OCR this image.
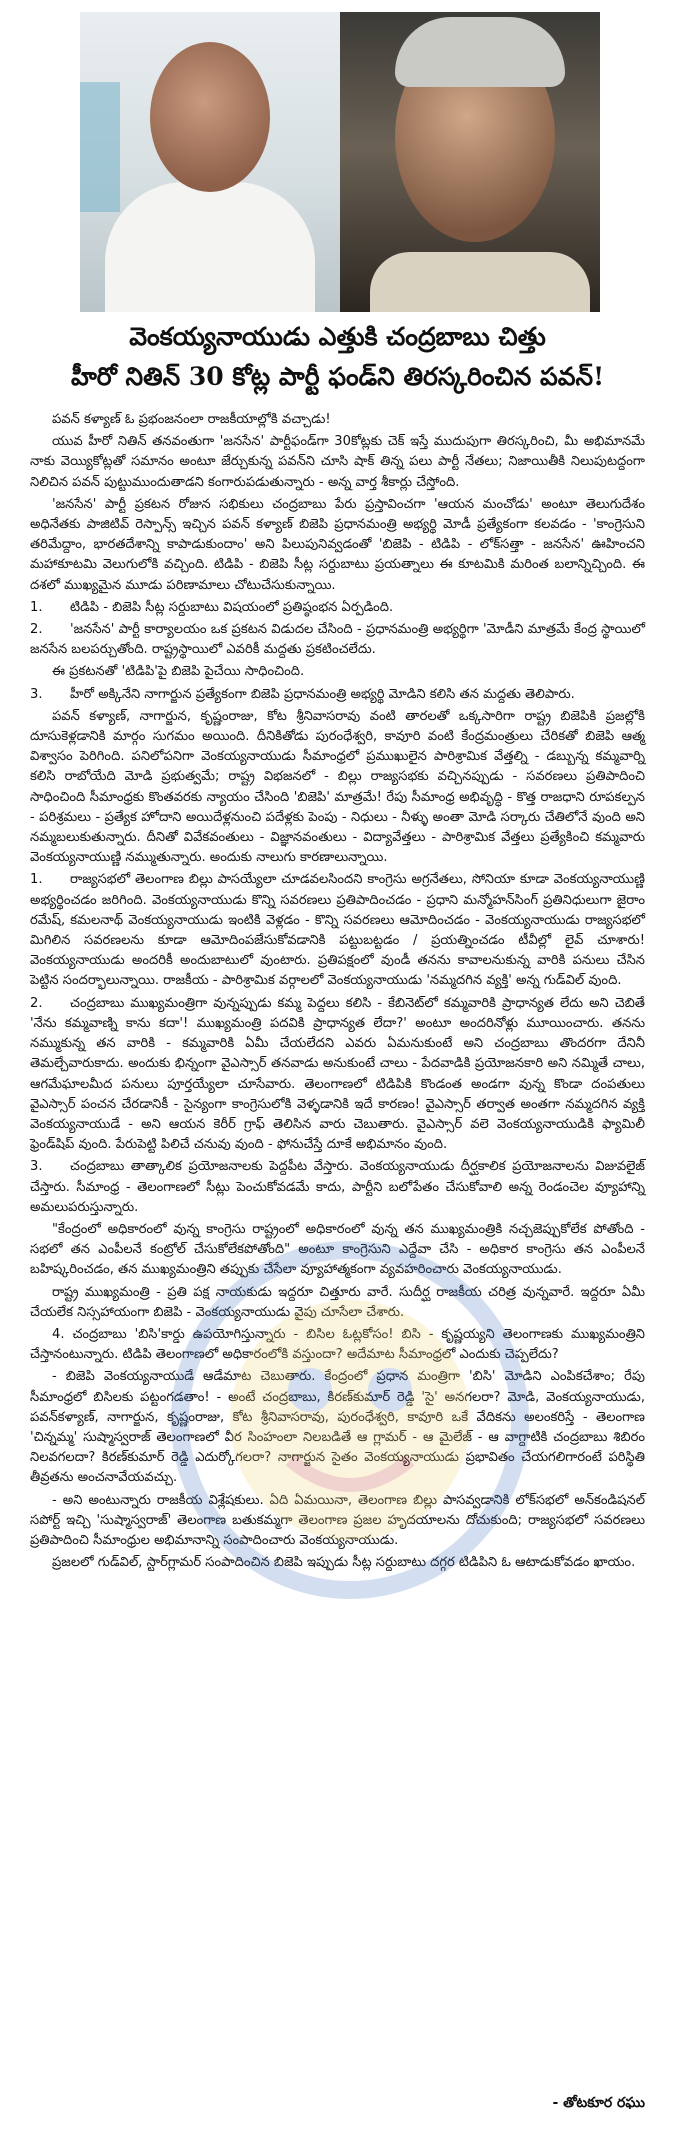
వెంకయ్యనాయుడు ఎత్తుకి చంద్రబాబు చిత్తు
హీరో నితిన్ 30 కోట్ల పార్టీ ఫండ్‌ని తిరస్కరించిన పవన్!

పవన్ కళ్యాణ్ ఓ ప్రభంజనంలా రాజకీయాల్లోకి వచ్చాడు!

యువ హీరో నితిన్ తనవంతుగా 'జనసేన' పార్టీఫండ్‌గా 30కోట్లకు చెక్ ఇస్తే ముదుపుగా తిరస్కరించి, మీ అభిమానమే నాకు వెయ్యికోట్లతో సమానం అంటూ జేర్చుకున్న పవన్‌ని చూసి షాక్ తిన్న పలు పార్టీ నేతలు; నిజాయితీకి నిలుపుటద్దంగా నిలిచిన పవన్ పుట్టుముందుతాడని కంగారుపడుతున్నారు - అన్న వార్త శీకార్లు చేస్తోంది.

'జనసేన' పార్టీ ప్రకటన రోజున సభికులు చంద్రబాబు పేరు ప్రస్తావించగా 'ఆయన మంచోడు' అంటూ తెలుగుదేశం అధినేతకు పాజిటివ్ రెస్పాన్స్ ఇచ్చిన పవన్ కళ్యాణ్ బిజెపి ప్రధానమంత్రి అభ్యర్థి మోడీ ప్రత్యేకంగా కలవడం - 'కాంగ్రెసుని తరిమేద్దాం, భారతదేశాన్ని కాపాడుకుందాం' అని పిలుపునివ్వడంతో 'బిజెపి - టిడిపి - లోక్‌సత్తా - జనసేన' ఊహించని మహాకూటమి వెలుగులోకి వచ్చింది. టిడిపి - బిజెపి సీట్ల సర్దుబాటు ప్రయత్నాలు ఈ కూటమికి మరింత బలాన్నిచ్చింది. ఈ దశలో ముఖ్యమైన మూడు పరిణామాలు చోటుచేసుకున్నాయి.

1. టిడిపి - బిజెపి సీట్ల సర్దుబాటు విషయంలో ప్రతిష్ఠంభన ఏర్పడింది.

2. 'జనసేన' పార్టీ కార్యాలయం ఒక ప్రకటన విడుదల చేసింది - ప్రధానమంత్రి అభ్యర్థిగా 'మోడీని మాత్రమే కేంద్ర స్థాయిలో జనసేన బలపర్చుతోంది. రాష్ట్రస్థాయిలో ఎవరికీ మద్దతు ప్రకటించలేదు.

ఈ ప్రకటనతో 'టిడిపి'పై బిజెపి పైచేయి సాధించింది.

3. హీరో అక్కినేని నాగార్జున ప్రత్యేకంగా బిజెపి ప్రధానమంత్రి అభ్యర్థి మోడిని కలిసి తన మద్దతు తెలిపారు.

పవన్ కళ్యాణ్, నాగార్జున, కృష్ణంరాజు, కోట శ్రీనివాసరావు వంటి తారలతో ఒక్కసారిగా రాష్ట్ర బిజెపికి ప్రజల్లోకి దూసుకెళ్లడానికి మార్గం సుగమం అయింది. దీనికితోడు పురంధేశ్వరి, కావూరి వంటి కేంద్రమంత్రులు చేరికతో బిజెపి ఆత్మ విశ్వాసం పెరిగింది. పనిలోపనిగా వెంకయ్యనాయుడు సీమాంధ్రలో ప్రముఖులైన పారిశ్రామిక వేత్తల్ని - డబ్బున్న కమ్మవార్ని కలిసి రాబోయేది మోడి ప్రభుత్వమే; రాష్ట్ర విభజనలో - బిల్లు రాజ్యసభకు వచ్చినప్పుడు - సవరణలు ప్రతిపాదించి సాధించింది సీమాంధ్రకు కొంతవరకు న్యాయం చేసింది 'బిజెపి' మాత్రమే! రేపు సీమాంధ్ర అభివృద్ధి - కొత్త రాజధాని రూపకల్పన - పరిశ్రమలు - ప్రత్యేక హోదాని అయిదేళ్లనుంచి పదేళ్లకు పెంపు - నిధులు - నీళ్ళు అంతా మోడి సర్కారు చేతిలోనే వుంది అని నమ్మబలుకుతున్నారు. దీనితో వివేకవంతులు - విజ్ఞానవంతులు - విద్యావేత్తలు - పారిశ్రామిక వేత్తలు ప్రత్యేకించి కమ్మవారు వెంకయ్యనాయుణ్ణి నమ్ముతున్నారు. అందుకు నాలుగు కారణాలున్నాయి.

1. రాజ్యసభలో తెలంగాణ బిల్లు పాసయ్యేలా చూడవలసిందని కాంగ్రెసు అగ్రనేతలు, సోనియా కూడా వెంకయ్యనాయుణ్ణి అభ్యర్థించడం జరిగింది. వెంకయ్యనాయుడు కొన్ని సవరణలు ప్రతిపాదించడం - ప్రధాని మన్మోహన్‌సింగ్ ప్రతినిధులుగా జైరాం రమేష్, కమలనాథ్ వెంకయ్యనాయుడు ఇంటికి వెళ్లడం - కొన్ని సవరణలు ఆమోదించడం - వెంకయ్యనాయుడు రాజ్యసభలో మిగిలిన సవరణలను కూడా ఆమోదింపజేసుకోవడానికి పట్టుబట్టడం / ప్రయత్నించడం టీవీల్లో లైవ్ చూశారు! వెంకయ్యనాయుడు అందరికీ అందుబాటులో వుంటారు. ప్రతిపక్షంలో వుండీ తనను కావాలనుకున్న వారికి పనులు చేసిన పెట్టిన సందర్భాలున్నాయి. రాజకీయ - పారిశ్రామిక వర్గాలలో వెంకయ్యనాయుడు 'నమ్మదగిన వ్యక్తి' అన్న గుడ్‌విల్ వుంది.

2. చంద్రబాబు ముఖ్యమంత్రిగా వున్నప్పుడు కమ్మ పెద్దలు కలిసి - కేబినెట్‌లో కమ్మవారికి ప్రాధాన్యత లేదు అని చెబితే 'నేను కమ్మవాణ్ని కాను కదా'! ముఖ్యమంత్రి పదవికి ప్రాధాన్యత లేదా?' అంటూ అందరినోళ్లు మూయించారు. తనను నమ్ముకున్న తన వారికి - కమ్మవారికి ఏమీ చేయలేదని ఎవరు ఏమనుకుంటే అని చంద్రబాబు తొందరగా దేనినీ తెమల్చేవారుకాదు. అందుకు భిన్నంగా వైఎస్సార్ తనవాడు అనుకుంటే చాలు - పేదవాడికి ప్రయోజనకారి అని నమ్మితే చాలు, ఆగమేఘాలమీద పనులు పూర్తయ్యేలా చూసేవారు. తెలంగాణలో టిడిపికి కొండంత అండగా వున్న కొండా దంపతులు వైఎస్సార్ పంచన చేరడానికీ - సైన్యంగా కాంగ్రెసులోకి వెళ్ళడానికి ఇదే కారణం! వైఎస్సార్ తర్వాత అంతగా నమ్మదగిన వ్యక్తి వెంకయ్యనాయుడే - అని ఆయన కెరీర్ గ్రాఫ్ తెలిసిన వారు చెబుతారు. వైఎస్సార్ వలె వెంకయ్యనాయుడికి ఫ్యామిలీ ఫ్రెండ్‌షిప్ వుంది. పేరుపెట్టి పిలిచే చనువు వుంది - ఫోనుచేస్తే దూకే అభిమానం వుంది.

3. చంద్రబాబు తాత్కాలిక ప్రయోజనాలకు పెద్దపీట వేస్తారు. వెంకయ్యనాయుడు దీర్ఘకాలిక ప్రయోజనాలను విజువలైజ్ చేస్తారు. సీమాంధ్ర - తెలంగాణలో సీట్లు పెంచుకోవడమే కాదు, పార్టీని బలోపేతం చేసుకోవాలి అన్న రెండంచెల వ్యూహాన్ని అమలుపరుస్తున్నారు.

"కేంద్రంలో అధికారంలో వున్న కాంగ్రెసు రాష్ట్రంలో అధికారంలో వున్న తన ముఖ్యమంత్రికి నచ్చజెప్పుకోలేక పోతోంది - సభలో తన ఎంపీలనే కంట్రోల్ చేసుకోలేకపోతోంది" అంటూ కాంగ్రెసుని ఎద్దేవా చేసి - అధికార కాంగ్రెసు తన ఎంపీలనే బహిష్కరించడం, తన ముఖ్యమంత్రిని తప్పుకు చేసేలా వ్యూహాత్మకంగా వ్యవహరించారు వెంకయ్యనాయుడు.

రాష్ట్ర ముఖ్యమంత్రి - ప్రతి పక్ష నాయకుడు ఇద్దరూ చిత్తూరు వారే. సుదీర్ఘ రాజకీయ చరిత్ర వున్నవారే. ఇద్దరూ ఏమీ చేయలేక నిస్సహాయంగా బిజెపి - వెంకయ్యనాయుడు వైపు చూసేలా చేశారు.

4. చంద్రబాబు 'బిసి'కార్డు ఉపయోగిస్తున్నారు - బిసిల ఓట్లకోసం! బిసి - కృష్ణయ్యని తెలంగాణకు ముఖ్యమంత్రిని చేస్తానంటున్నారు. టిడిపి తెలంగాణలో అధికారంలోకి వస్తుందా? అదేమాట సీమాంధ్రలో ఎందుకు చెప్పలేదు?

- బిజెపి వెంకయ్యనాయుడే ఆడేమాట చెబుతారు. కేంద్రంలో ప్రధాన మంత్రిగా 'బిసి' మోడిని ఎంపికచేశాం; రేపు సీమాంధ్రలో బిసిలకు పట్టంగడతాం! - అంటే చంద్రబాబు, కిరణ్‌కుమార్ రెడ్డి 'సై' అనగలరా? మోడి, వెంకయ్యనాయుడు, పవన్‌కళ్యాణ్, నాగార్జున, కృష్ణంరాజు, కోట శ్రీనివాసరావు, పురంధేశ్వరి, కావూరి ఒకే వేదికను అలంకరిస్తే - తెలంగాణ 'చిన్నమ్మ' సుష్మాస్వరాజ్ తెలంగాణలో వీర సింహంలా నిలబడితే ఆ గ్లామర్ - ఆ మైలేజ్ - ఆ వాగ్దాటికి చంద్రబాబు శిబిరం నిలవగలదా? కిరణ్‌కుమార్ రెడ్డి ఎదుర్కోగలరా? నాగార్జున సైతం వెంకయ్యనాయుడు ప్రభావితం చేయగలిగారంటే పరిస్థితి తీవ్రతను అంచనావేయవచ్చు.

- అని అంటున్నారు రాజకీయ విశ్లేషకులు. ఏది ఏమయినా, తెలంగాణ బిల్లు పాసవ్వడానికి లోక్‌సభలో అన్‌కండిషనల్ సపోర్ట్ ఇచ్చి 'సుష్మాస్వరాజ్' తెలంగాణ బతుకమ్మగా తెలంగాణ ప్రజల హృదయాలను దోచుకుంది; రాజ్యసభలో సవరణలు ప్రతిపాదించి సీమాంధ్రుల అభిమానాన్ని సంపాదించారు వెంకయ్యనాయుడు.

ప్రజలలో గుడ్‌విల్, స్టార్‌గ్లామర్ సంపాదించిన బిజెపి ఇప్పుడు సీట్ల సర్దుబాటు దగ్గర టిడిపిని ఓ ఆటాడుకోవడం ఖాయం.

- తోటకూర రఘు
